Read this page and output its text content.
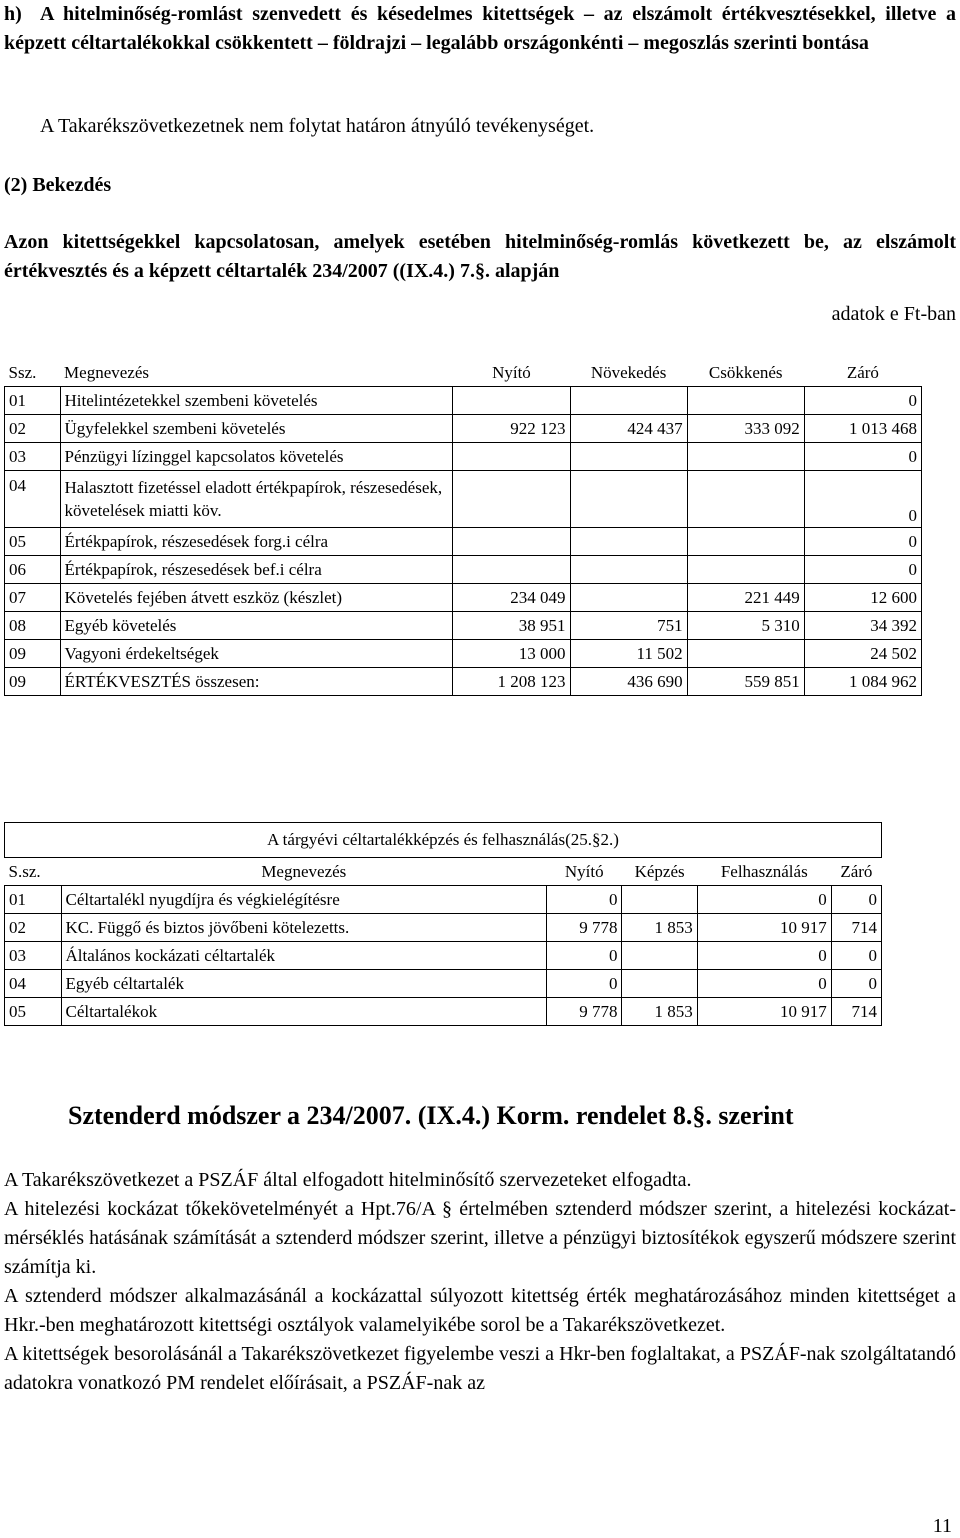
h) A hitelminőség-romlást szenvedett és késedelmes kitettségek – az elszámolt értékvesztésekkel, illetve a képzett céltartalékokkal csökkentett – földrajzi – legalább országonkénti – megoszlás szerinti bontása
A Takarékszövetkezetnek nem folytat határon átnyúló tevékenységet.
(2) Bekezdés
Azon kitettségekkel kapcsolatosan, amelyek esetében hitelminőség-romlás következett be, az elszámolt értékvesztés és a képzett céltartalék 234/2007 ((IX.4.) 7.§. alapján
adatok e Ft-ban
Ssz.	Megnevezés	Nyító	Növekedés	Csökkenés	Záró
01	Hitelintézetekkel szembeni követelés				0
02	Ügyfelekkel szembeni követelés	922 123	424 437	333 092	1 013 468
03	Pénzügyi lízinggel kapcsolatos követelés				0
04	Halasztott fizetéssel eladott értékpapírok, részesedések, követelések miatti köv.				0
05	Értékpapírok, részesedések forg.i célra				0
06	Értékpapírok, részesedések bef.i célra				0
07	Követelés fejében átvett eszköz (készlet)	234 049		221 449	12 600
08	Egyéb követelés	38 951	751	5 310	34 392
09	Vagyoni érdekeltségek	13 000	11 502		24 502
09	ÉRTÉKVESZTÉS összesen:	1 208 123	436 690	559 851	1 084 962
A tárgyévi céltartalékképzés és felhasználás(25.§2.)					
S.sz.	Megnevezés	Nyító	Képzés	Felhasználás	Záró
01	Céltartalékl nyugdíjra és végkielégítésre	0		0	0
02	KC. Függő és biztos jövőbeni kötelezetts.	9 778	1 853	10 917	714
03	Általános kockázati céltartalék	0		0	0
04	Egyéb céltartalék	0		0	0
05	Céltartalékok	9 778	1 853	10 917	714
Sztenderd módszer a 234/2007. (IX.4.) Korm. rendelet 8.§. szerint

A Takarékszövetkezet a PSZÁF által elfogadott hitelminősítő szervezeteket elfogadta.

A hitelezési kockázat tőkekövetelményét a Hpt.76/A § értelmében sztenderd módszer szerint, a hitelezési kockázat-mérséklés hatásának számítását a sztenderd módszer szerint, illetve a pénzügyi biztosítékok egyszerű módszere szerint számítja ki.

A sztenderd módszer alkalmazásánál a kockázattal súlyozott kitettség érték meghatározásához minden kitettséget a Hkr.-ben meghatározott kitettségi osztályok valamelyikébe sorol be a Takarékszövetkezet.

A kitettségek besorolásánál a Takarékszövetkezet figyelembe veszi a Hkr-ben foglaltakat, a PSZÁF-nak szolgáltatandó adatokra vonatkozó PM rendelet előírásait, a PSZÁF-nak az

11
